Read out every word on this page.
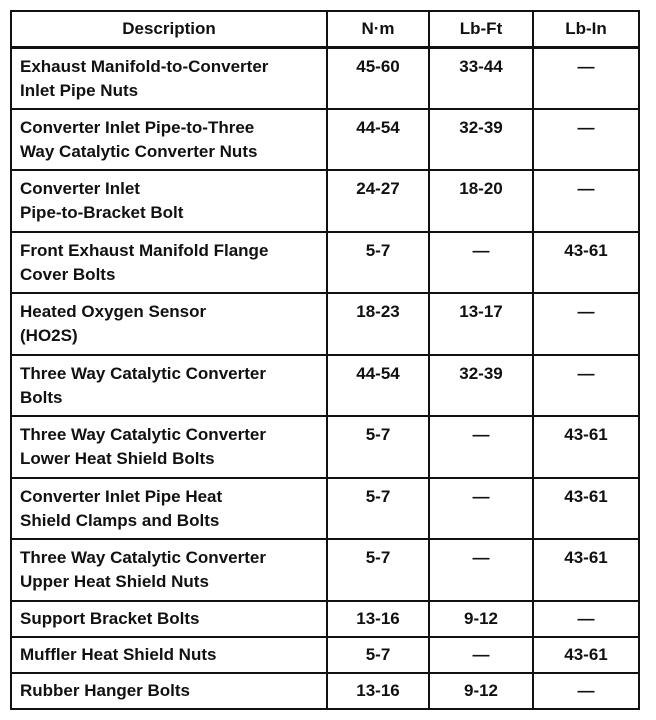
Description	N·m	Lb-Ft	Lb-In

Exhaust Manifold-to-Converter
Inlet Pipe Nuts	45-60	33-44	—

Converter Inlet Pipe-to-Three
Way Catalytic Converter Nuts	44-54	32-39	—

Converter Inlet
Pipe-to-Bracket Bolt	24-27	18-20	—

Front Exhaust Manifold Flange
Cover Bolts	5-7	—	43-61

Heated Oxygen Sensor
(HO2S)	18-23	13-17	—

Three Way Catalytic Converter
Bolts	44-54	32-39	—

Three Way Catalytic Converter
Lower Heat Shield Bolts	5-7	—	43-61

Converter Inlet Pipe Heat
Shield Clamps and Bolts	5-7	—	43-61

Three Way Catalytic Converter
Upper Heat Shield Nuts	5-7	—	43-61

Support Bracket Bolts	13-16	9-12	—

Muffler Heat Shield Nuts	5-7	—	43-61

Rubber Hanger Bolts	13-16	9-12	—
